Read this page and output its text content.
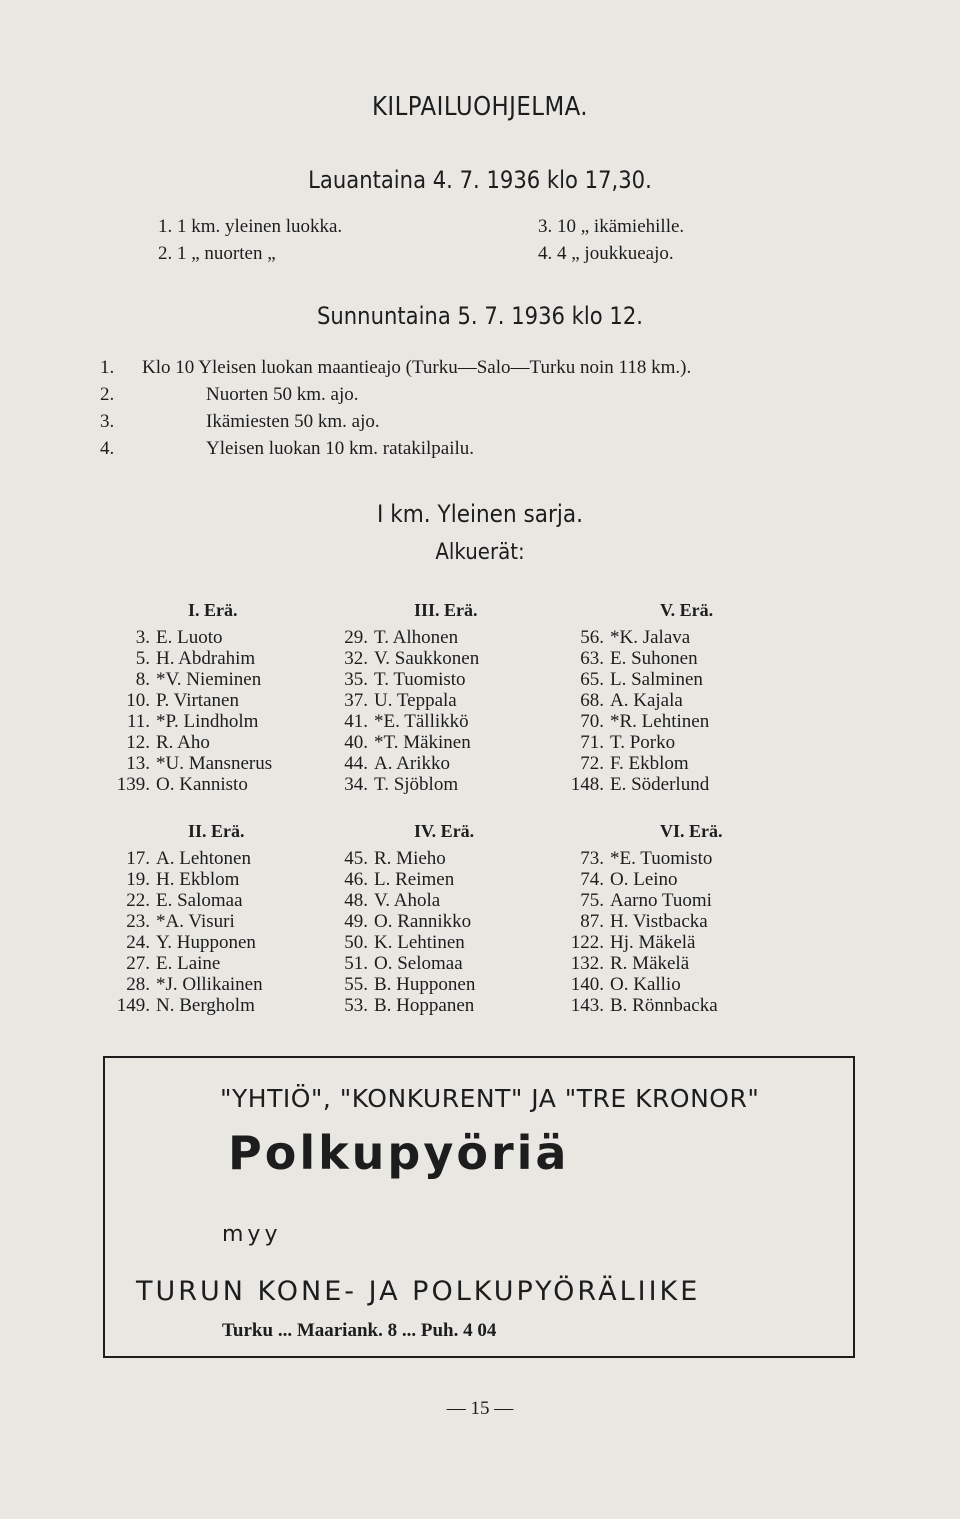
KILPAILUOHJELMA.
Lauantaina 4. 7. 1936 klo 17,30.
1. 1 km. yleinen luokka.
2. 1 „ nuorten „
3. 10 „ ikämiehille.
4. 4 „ joukkueajo.
Sunnuntaina 5. 7. 1936 klo 12.
1. Klo 10 Yleisen luokan maantieajo (Turku—Salo—Turku noin 118 km.).
2.	Nuorten 50 km. ajo.
3.	Ikämiesten 50 km. ajo.
4.	Yleisen luokan 10 km. ratakilpailu.
I km. Yleinen sarja.
Alkuerät:
I. Erä.
3. E. Luoto
5. H. Abdrahim
8. *V. Nieminen
10. P. Virtanen
11. *P. Lindholm
12. R. Aho
13. *U. Mansnerus
139. O. Kannisto
III. Erä.
29. T. Alhonen
32. V. Saukkonen
35. T. Tuomisto
37. U. Teppala
41. *E. Tällikkö
40. *T. Mäkinen
44. A. Arikko
34. T. Sjöblom
V. Erä.
56. *K. Jalava
63. E. Suhonen
65. L. Salminen
68. A. Kajala
70. *R. Lehtinen
71. T. Porko
72. F. Ekblom
148. E. Söderlund
II. Erä.
17. A. Lehtonen
19. H. Ekblom
22. E. Salomaa
23. *A. Visuri
24. Y. Hupponen
27. E. Laine
28. *J. Ollikainen
149. N. Bergholm
IV. Erä.
45. R. Mieho
46. L. Reimen
48. V. Ahola
49. O. Rannikko
50. K. Lehtinen
51. O. Selomaa
55. B. Hupponen
53. B. Hoppanen
VI. Erä.
73. *E. Tuomisto
74. O. Leino
75. Aarno Tuomi
87. H. Vistbacka
122. Hj. Mäkelä
132. R. Mäkelä
140. O. Kallio
143. B. Rönnbacka
"YHTIÖ", "KONKURENT" JA "TRE KRONOR"
Polkupyöriä
myy
TURUN KONE- JA POLKUPYÖRÄLIIKE
Turku ... Maariank. 8 ... Puh. 4 04
— 15 —
